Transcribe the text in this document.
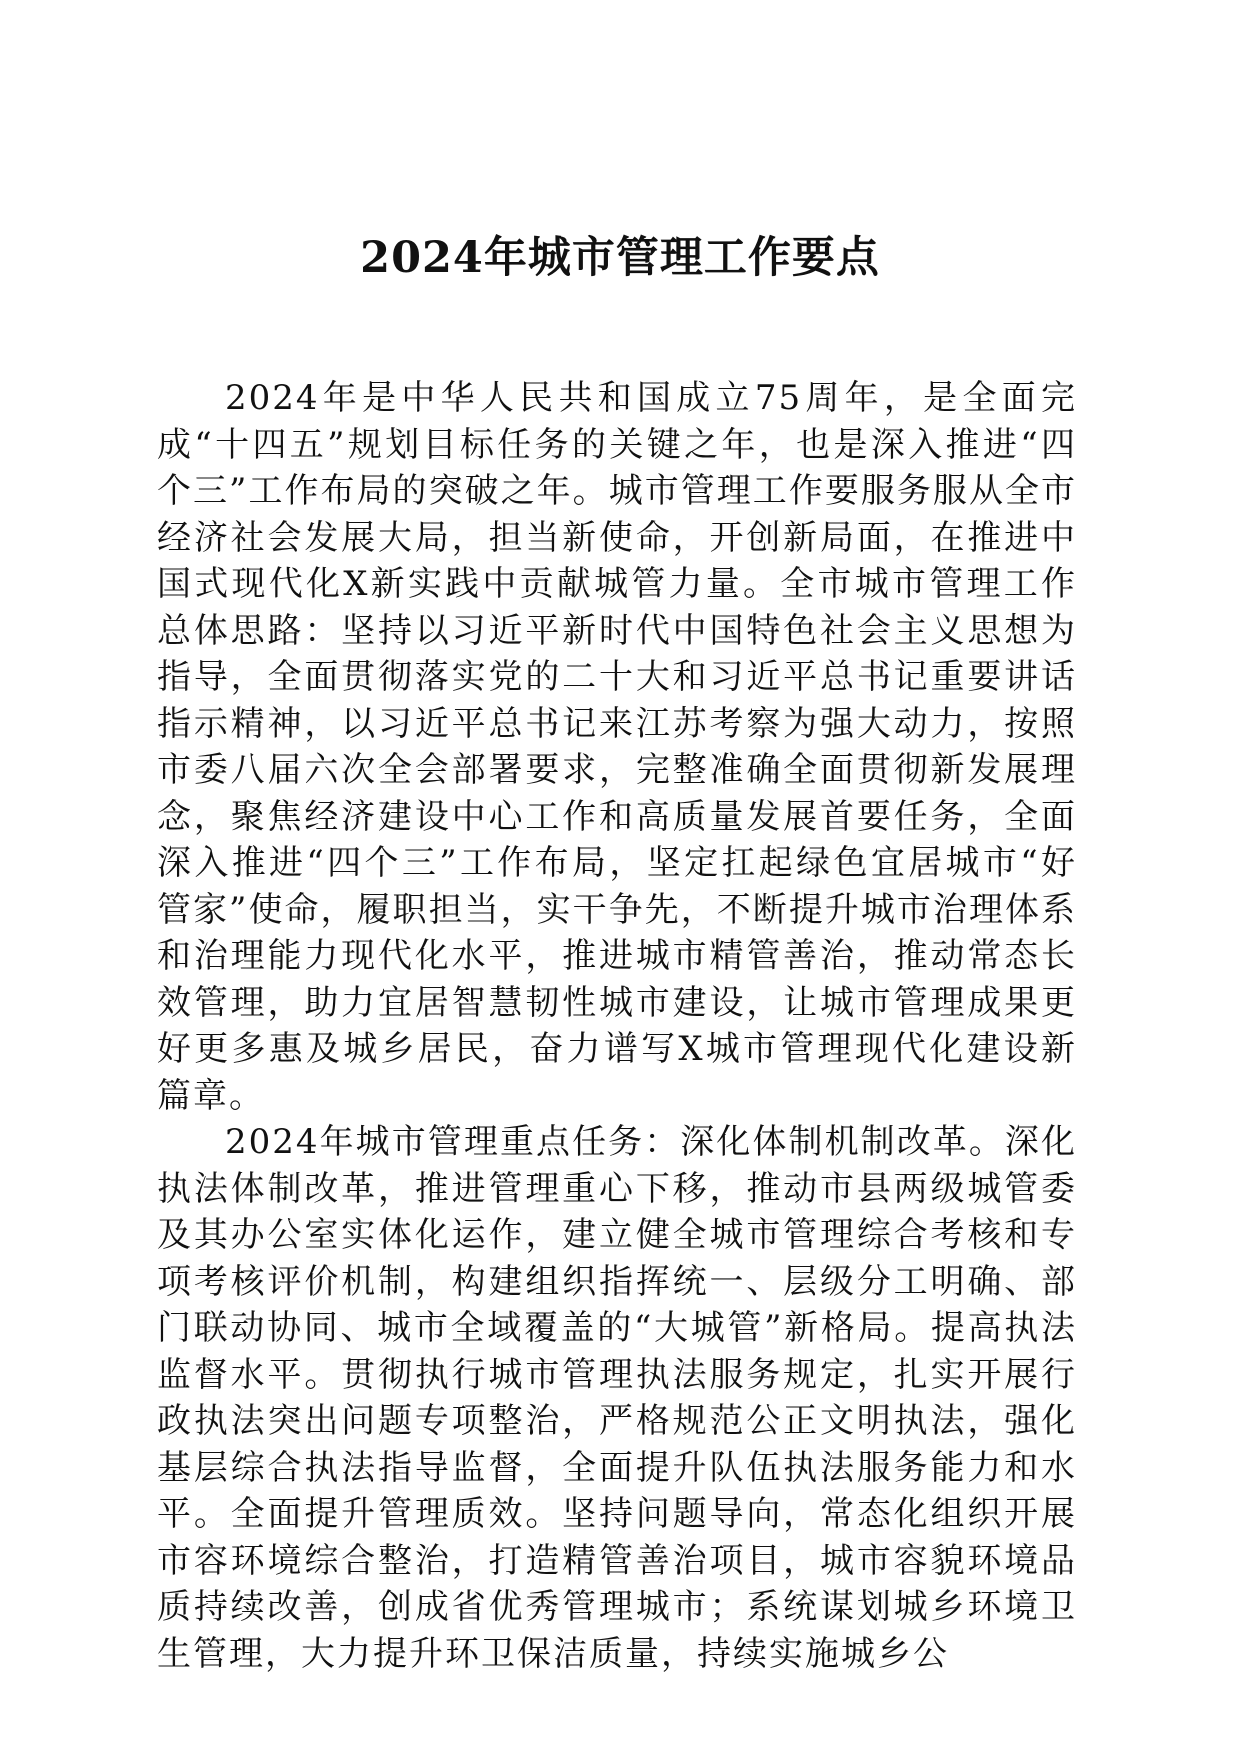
2024年城市管理工作要点

2024年是中华人民共和国成立75周年，是全面完成“十四五”规划目标任务的关键之年，也是深入推进“四个三”工作布局的突破之年。城市管理工作要服务服从全市经济社会发展大局，担当新使命，开创新局面，在推进中国式现代化X新实践中贡献城管力量。全市城市管理工作总体思路：坚持以习近平新时代中国特色社会主义思想为指导，全面贯彻落实党的二十大和习近平总书记重要讲话指示精神，以习近平总书记来江苏考察为强大动力，按照市委八届六次全会部署要求，完整准确全面贯彻新发展理念，聚焦经济建设中心工作和高质量发展首要任务，全面深入推进“四个三”工作布局，坚定扛起绿色宜居城市“好管家”使命，履职担当，实干争先，不断提升城市治理体系和治理能力现代化水平，推进城市精管善治，推动常态长效管理，助力宜居智慧韧性城市建设，让城市管理成果更好更多惠及城乡居民，奋力谱写X城市管理现代化建设新篇章。

2024年城市管理重点任务：深化体制机制改革。深化执法体制改革，推进管理重心下移，推动市县两级城管委及其办公室实体化运作，建立健全城市管理综合考核和专项考核评价机制，构建组织指挥统一、层级分工明确、部门联动协同、城市全域覆盖的“大城管”新格局。提高执法监督水平。贯彻执行城市管理执法服务规定，扎实开展行政执法突出问题专项整治，严格规范公正文明执法，强化基层综合执法指导监督，全面提升队伍执法服务能力和水平。全面提升管理质效。坚持问题导向，常态化组织开展市容环境综合整治，打造精管善治项目，城市容貌环境品质持续改善，创成省优秀管理城市；系统谋划城乡环境卫生管理，大力提升环卫保洁质量，持续实施城乡公
